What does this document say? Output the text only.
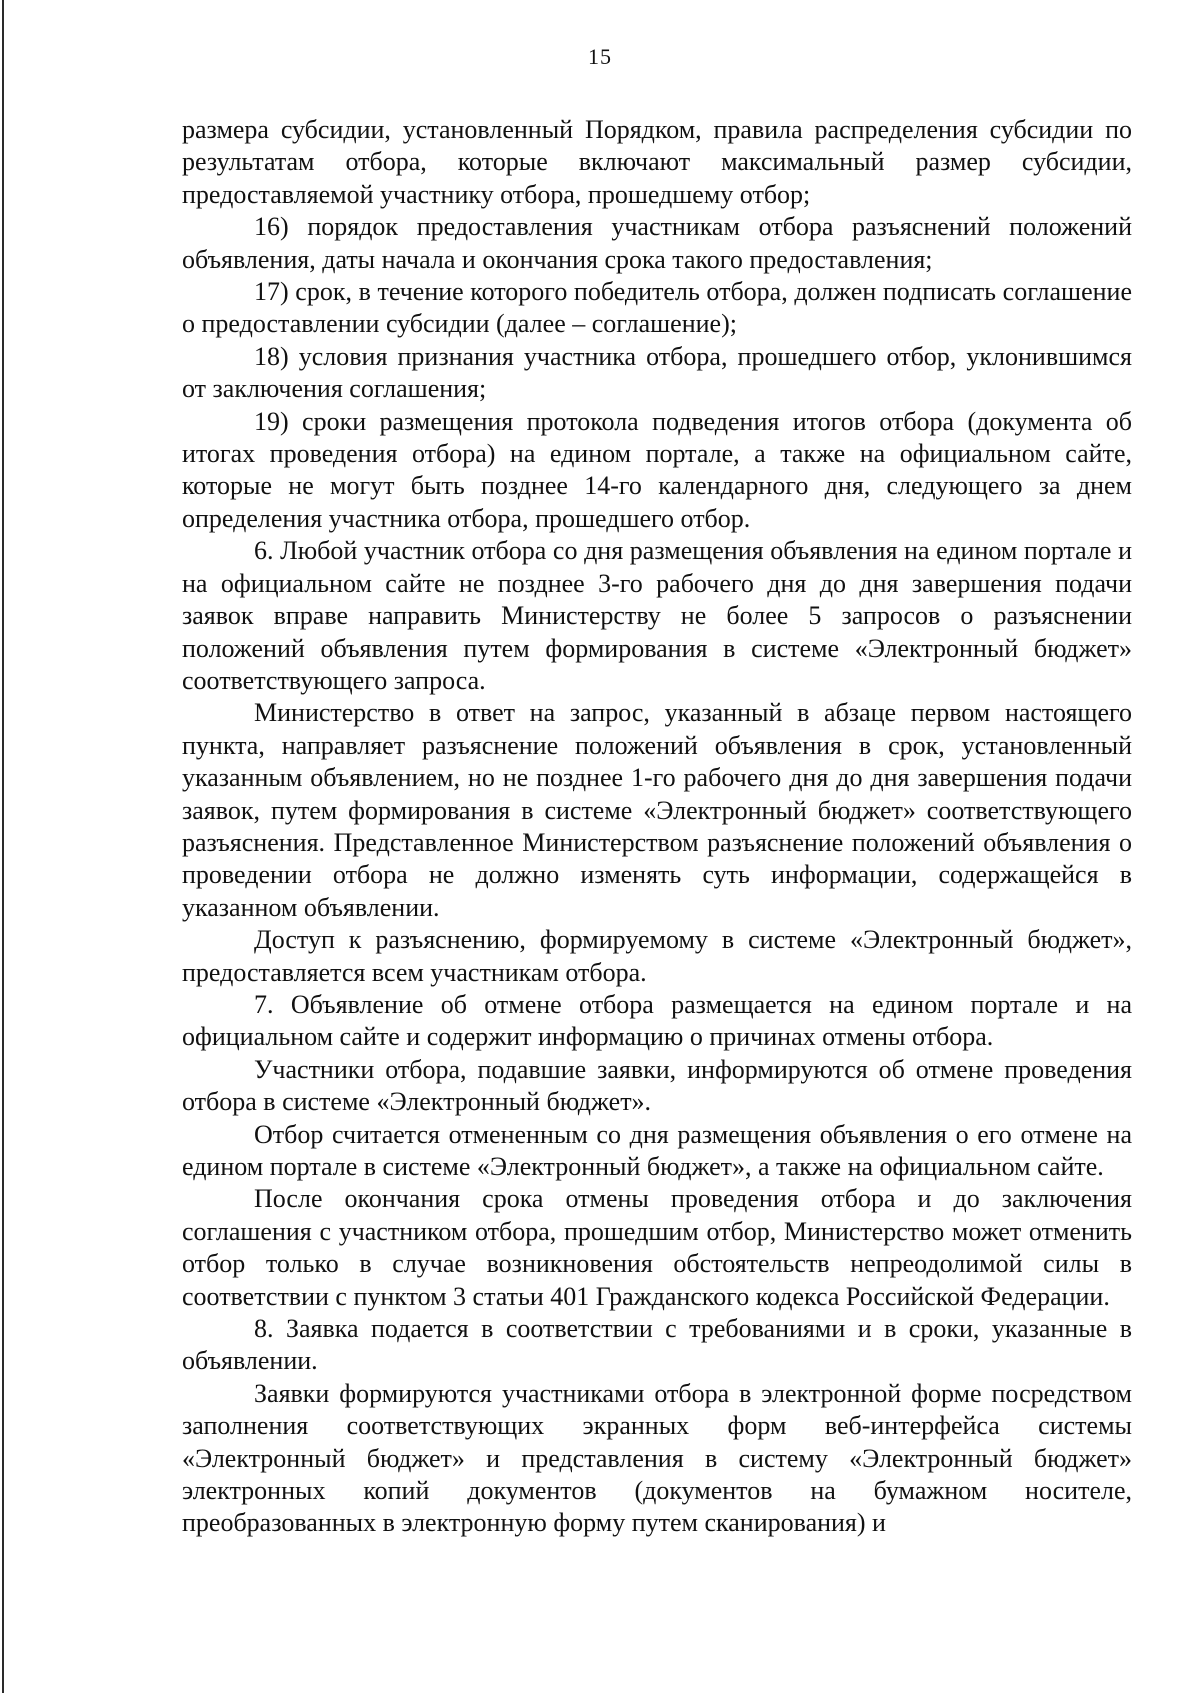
15

размера субсидии, установленный Порядком, правила распределения субсидии по результатам отбора, которые включают максимальный размер субсидии, предоставляемой участнику отбора, прошедшему отбор;

16) порядок предоставления участникам отбора разъяснений положений объявления, даты начала и окончания срока такого предоставления;

17) срок, в течение которого победитель отбора, должен подписать соглашение о предоставлении субсидии (далее – соглашение);

18) условия признания участника отбора, прошедшего отбор, уклонившимся от заключения соглашения;

19) сроки размещения протокола подведения итогов отбора (документа об итогах проведения отбора) на едином портале, а также на официальном сайте, которые не могут быть позднее 14-го календарного дня, следующего за днем определения участника отбора, прошедшего отбор.

6. Любой участник отбора со дня размещения объявления на едином портале и на официальном сайте не позднее 3-го рабочего дня до дня завершения подачи заявок вправе направить Министерству не более 5 запросов о разъяснении положений объявления путем формирования в системе «Электронный бюджет» соответствующего запроса.

Министерство в ответ на запрос, указанный в абзаце первом настоящего пункта, направляет разъяснение положений объявления в срок, установленный указанным объявлением, но не позднее 1-го рабочего дня до дня завершения подачи заявок, путем формирования в системе «Электронный бюджет» соответствующего разъяснения. Представленное Министерством разъяснение положений объявления о проведении отбора не должно изменять суть информации, содержащейся в указанном объявлении.

Доступ к разъяснению, формируемому в системе «Электронный бюджет», предоставляется всем участникам отбора.

7. Объявление об отмене отбора размещается на едином портале и на официальном сайте и содержит информацию о причинах отмены отбора.

Участники отбора, подавшие заявки, информируются об отмене проведения отбора в системе «Электронный бюджет».

Отбор считается отмененным со дня размещения объявления о его отмене на едином портале в системе «Электронный бюджет», а также на официальном сайте.

После окончания срока отмены проведения отбора и до заключения соглашения с участником отбора, прошедшим отбор, Министерство может отменить отбор только в случае возникновения обстоятельств непреодолимой силы в соответствии с пунктом 3 статьи 401 Гражданского кодекса Российской Федерации.

8. Заявка подается в соответствии с требованиями и в сроки, указанные в объявлении.

Заявки формируются участниками отбора в электронной форме посредством заполнения соответствующих экранных форм веб-интерфейса системы «Электронный бюджет» и представления в систему «Электронный бюджет» электронных копий документов (документов на бумажном носителе, преобразованных в электронную форму путем сканирования) и
